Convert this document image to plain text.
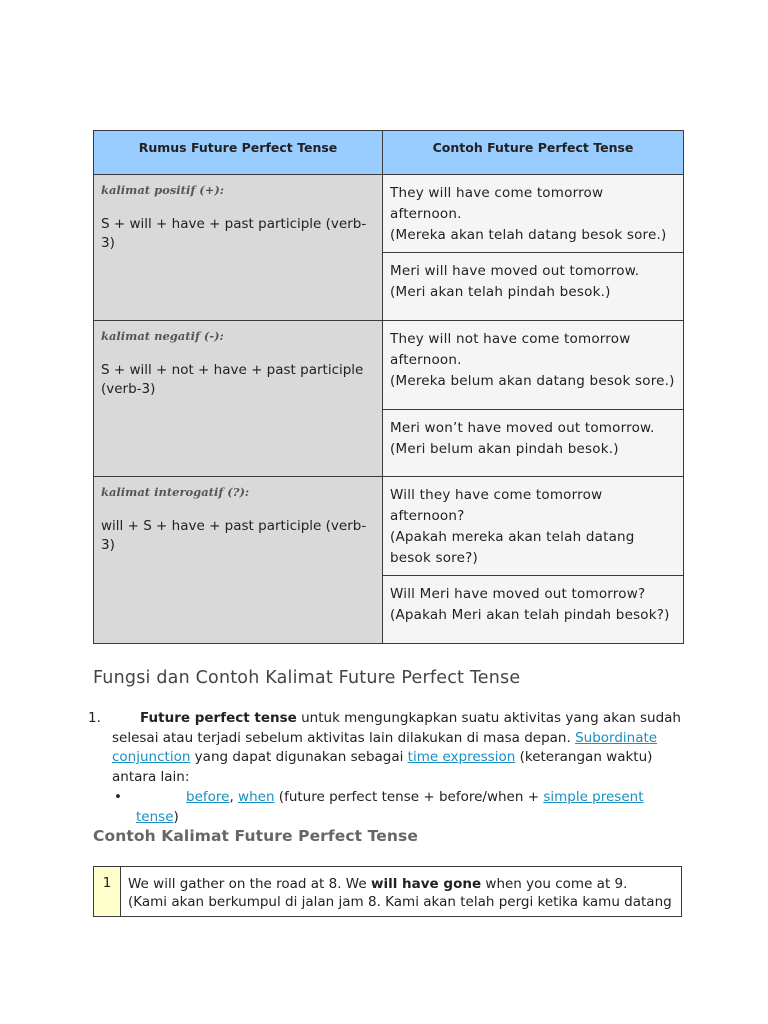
Rumus Future Perfect Tense	Contoh Future Perfect Tense

kalimat positif (+):
S + will + have + past participle (verb-3)	They will have come tomorrow afternoon.
(Mereka akan telah datang besok sore.)

	Meri will have moved out tomorrow.
(Meri akan telah pindah besok.)

kalimat negatif (-):
S + will + not + have + past participle (verb-3)	They will not have come tomorrow afternoon.
(Mereka belum akan datang besok sore.)

	Meri won’t have moved out tomorrow.
(Meri belum akan pindah besok.)

kalimat interogatif (?):
will + S + have + past participle (verb-3)	Will they have come tomorrow afternoon?
(Apakah mereka akan telah datang besok sore?)

	Will Meri have moved out tomorrow?
(Apakah Meri akan telah pindah besok?)
Fungsi dan Contoh Kalimat Future Perfect Tense
1.	Future perfect tense untuk mengungkapkan suatu aktivitas yang akan sudah selesai atau terjadi sebelum aktivitas lain dilakukan di masa depan. Subordinate conjunction yang dapat digunakan sebagai time expression (keterangan waktu) antara lain:
•	before, when (future perfect tense + before/when + simple present tense)
Contoh Kalimat Future Perfect Tense
1	We will gather on the road at 8. We will have gone when you come at 9.
(Kami akan berkumpul di jalan jam 8. Kami akan telah pergi ketika kamu datang
